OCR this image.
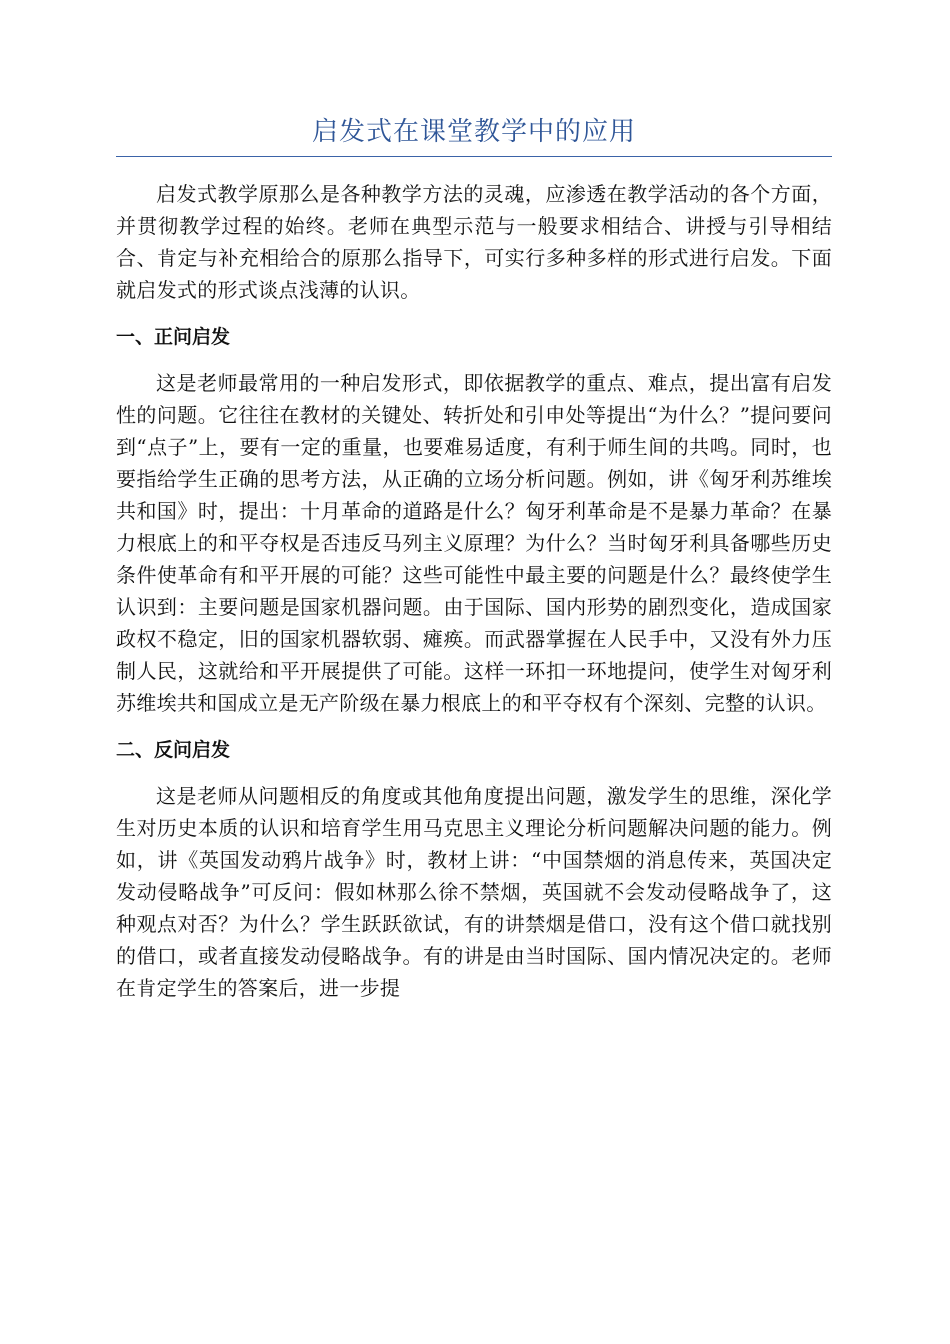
启发式在课堂教学中的应用

启发式教学原那么是各种教学方法的灵魂，应渗透在教学活动的各个方面，并贯彻教学过程的始终。老师在典型示范与一般要求相结合、讲授与引导相结合、肯定与补充相给合的原那么指导下，可实行多种多样的形式进行启发。下面就启发式的形式谈点浅薄的认识。

一、正问启发

这是老师最常用的一种启发形式，即依据教学的重点、难点，提出富有启发性的问题。它往往在教材的关键处、转折处和引申处等提出“为什么？”提问要问到“点子”上，要有一定的重量，也要难易适度，有利于师生间的共鸣。同时，也要指给学生正确的思考方法，从正确的立场分析问题。例如，讲《匈牙利苏维埃共和国》时，提出：十月革命的道路是什么？匈牙利革命是不是暴力革命？在暴力根底上的和平夺权是否违反马列主义原理？为什么？当时匈牙利具备哪些历史条件使革命有和平开展的可能？这些可能性中最主要的问题是什么？最终使学生认识到：主要问题是国家机器问题。由于国际、国内形势的剧烈变化，造成国家政权不稳定，旧的国家机器软弱、瘫痪。而武器掌握在人民手中，又没有外力压制人民，这就给和平开展提供了可能。这样一环扣一环地提问，使学生对匈牙利苏维埃共和国成立是无产阶级在暴力根底上的和平夺权有个深刻、完整的认识。

二、反问启发

这是老师从问题相反的角度或其他角度提出问题，激发学生的思维，深化学生对历史本质的认识和培育学生用马克思主义理论分析问题解决问题的能力。例如，讲《英国发动鸦片战争》时，教材上讲：“中国禁烟的消息传来，英国决定发动侵略战争”可反问：假如林那么徐不禁烟，英国就不会发动侵略战争了，这种观点对否？为什么？学生跃跃欲试，有的讲禁烟是借口，没有这个借口就找别的借口，或者直接发动侵略战争。有的讲是由当时国际、国内情况决定的。老师在肯定学生的答案后，进一步提
